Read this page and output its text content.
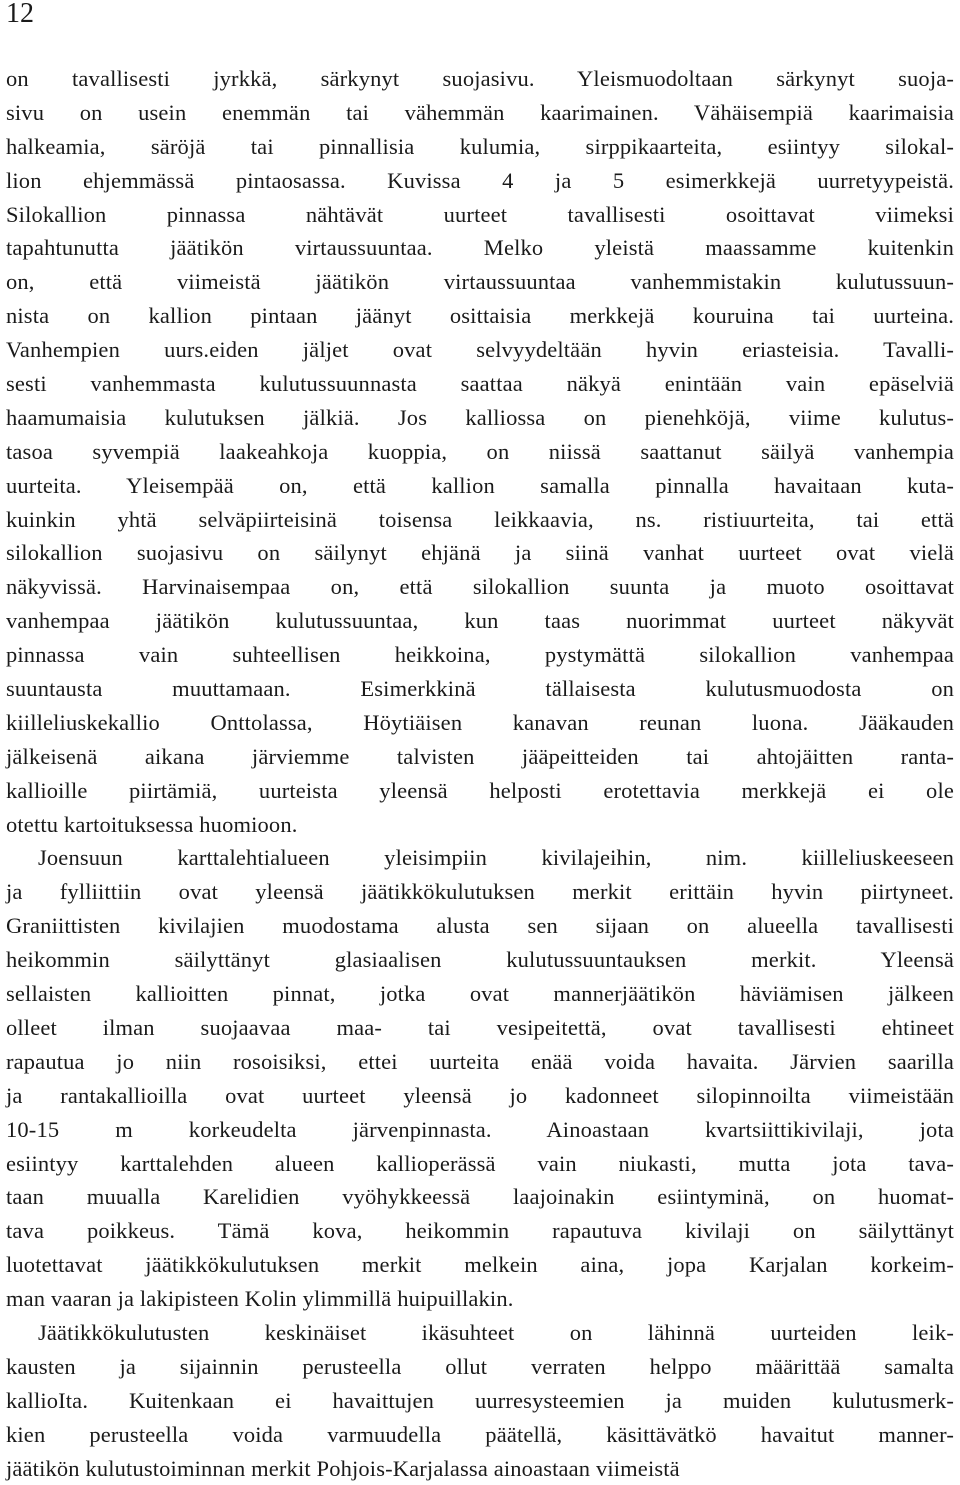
12
on tavallisesti jyrkkä, särkynyt suojasivu. Yleismuodoltaan särkynyt suoja-
sivu on usein enemmän tai vähemmän kaarimainen. Vähäisempiä kaarimaisia
halkeamia, säröjä tai pinnallisia kulumia, sirppikaarteita, esiintyy silokal-
lion ehjemmässä pintaosassa. Kuvissa 4 ja 5 esimerkkejä uurretyypeistä.
Silokallion pinnassa nähtävät uurteet tavallisesti osoittavat viimeksi
tapahtunutta jäätikön virtaussuuntaa. Melko yleistä maassamme kuitenkin
on, että viimeistä jäätikön virtaussuuntaa vanhemmistakin kulutussuun-
nista on kallion pintaan jäänyt osittaisia merkkejä kouruina tai uurteina.
Vanhempien uurs.eiden jäljet ovat selvyydeltään hyvin eriasteisia. Tavalli-
sesti vanhemmasta kulutussuunnasta saattaa näkyä enintään vain epäselviä
haamumaisia kulutuksen jälkiä. Jos kalliossa on pienehköjä, viime kulutus-
tasoa syvempiä laakeahkoja kuoppia, on niissä saattanut säilyä vanhempia
uurteita. Yleisempää on, että kallion samalla pinnalla havaitaan kuta-
kuinkin yhtä selväpiirteisinä toisensa leikkaavia, ns. ristiuurteita, tai että
silokallion suojasivu on säilynyt ehjänä ja siinä vanhat uurteet ovat vielä
näkyvissä. Harvinaisempaa on, että silokallion suunta ja muoto osoittavat
vanhempaa jäätikön kulutussuuntaa, kun taas nuorimmat uurteet näkyvät
pinnassa vain suhteellisen heikkoina, pystymättä silokallion vanhempaa
suuntausta muuttamaan. Esimerkkinä tällaisesta kulutusmuodosta on
kiilleliuskekallio Onttolassa, Höytiäisen kanavan reunan luona. Jääkauden
jälkeisenä aikana järviemme talvisten jääpeitteiden tai ahtojäitten ranta-
kallioille piirtämiä, uurteista yleensä helposti erotettavia merkkejä ei ole
otettu kartoituksessa huomioon.
Joensuun karttalehtialueen yleisimpiin kivilajeihin, nim. kiilleliuskeeseen
ja fylliittiin ovat yleensä jäätikkökulutuksen merkit erittäin hyvin piirtyneet.
Graniittisten kivilajien muodostama alusta sen sijaan on alueella tavallisesti
heikommin säilyttänyt glasiaalisen kulutussuuntauksen merkit. Yleensä
sellaisten kallioitten pinnat, jotka ovat mannerjäätikön häviämisen jälkeen
olleet ilman suojaavaa maa- tai vesipeitettä, ovat tavallisesti ehtineet
rapautua jo niin rosoisiksi, ettei uurteita enää voida havaita. Järvien saarilla
ja rantakallioilla ovat uurteet yleensä jo kadonneet silopinnoilta viimeistään
10-15 m korkeudelta järvenpinnasta. Ainoastaan kvartsiittikivilaji, jota
esiintyy karttalehden alueen kallioperässä vain niukasti, mutta jota tava-
taan muualla Karelidien vyöhykkeessä laajoinakin esiintyminä, on huomat-
tava poikkeus. Tämä kova, heikommin rapautuva kivilaji on säilyttänyt
luotettavat jäätikkökulutuksen merkit melkein aina, jopa Karjalan korkeim-
man vaaran ja lakipisteen Kolin ylimmillä huipuillakin.
Jäätikkökulutusten keskinäiset ikäsuhteet on lähinnä uurteiden leik-
kausten ja sijainnin perusteella ollut verraten helppo määrittää samalta
kallioIta. Kuitenkaan ei havaittujen uurresysteemien ja muiden kulutusmerk-
kien perusteella voida varmuudella päätellä, käsittävätkö havaitut manner-
jäätikön kulutustoiminnan merkit Pohjois-Karjalassa ainoastaan viimeistä
